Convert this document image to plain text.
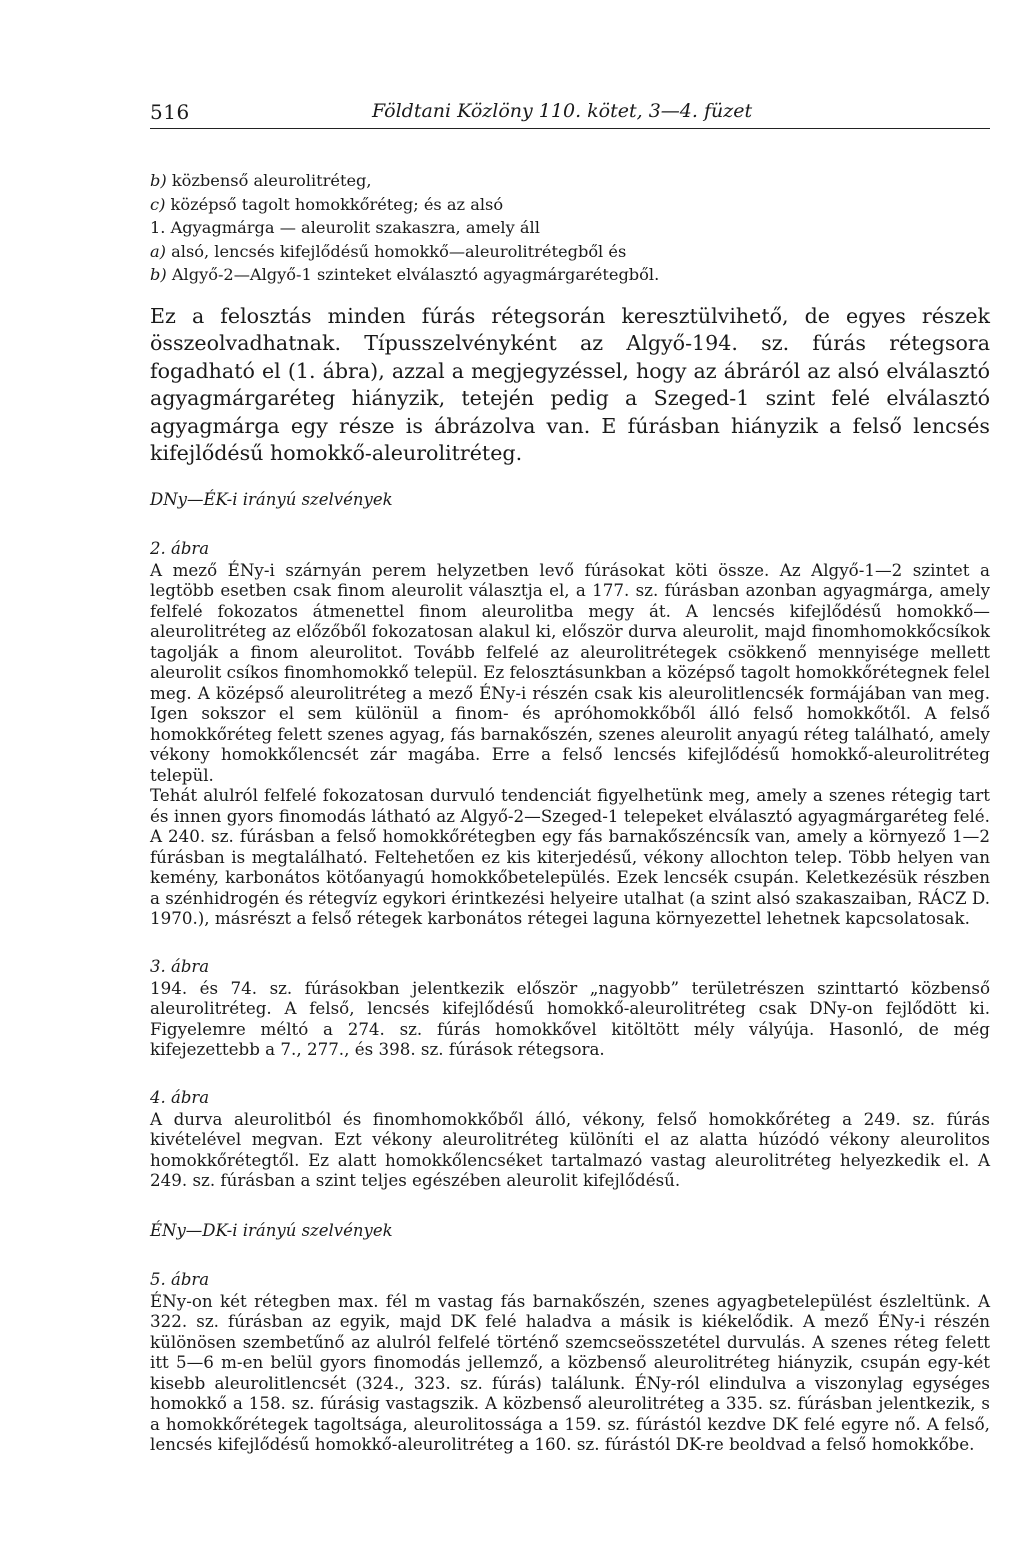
516	Földtani Közlöny 110. kötet, 3—4. füzet
b) közbenső aleurolitréteg,
c) középső tagolt homokkőréteg; és az alsó
1. Agyagmárga — aleurolit szakaszra, amely áll
a) alsó, lencsés kifejlődésű homokkő—aleurolitrétegből és
b) Algyő-2—Algyő-1 szinteket elválasztó agyagmárgarétegből.

Ez a felosztás minden fúrás rétegsorán keresztülvihető, de egyes részek összeolvadhatnak. Típusszelvényként az Algyő-194. sz. fúrás rétegsora fogadható el (1. ábra), azzal a megjegyzéssel, hogy az ábráról az alsó elválasztó agyagmárgaréteg hiányzik, tetején pedig a Szeged-1 szint felé elválasztó agyagmárga egy része is ábrázolva van. E fúrásban hiányzik a felső lencsés kifejlődésű homokkő-aleurolitréteg.

DNy—ÉK-i irányú szelvények
2. ábra

A mező ÉNy-i szárnyán perem helyzetben levő fúrásokat köti össze. Az Algyő-1—2 szintet a legtöbb esetben csak finom aleurolit választja el, a 177. sz. fúrásban azonban agyagmárga, amely felfelé fokozatos átmenettel finom aleurolitba megy át. A lencsés kifejlődésű homokkő—aleurolitréteg az előzőből fokozatosan alakul ki, először durva aleurolit, majd finomhomokkőcsíkok tagolják a finom aleurolitot. Tovább felfelé az aleurolitrétegek csökkenő mennyisége mellett aleurolit csíkos finomhomokkő települ. Ez felosztásunkban a középső tagolt homokkőrétegnek felel meg. A középső aleurolitréteg a mező ÉNy-i részén csak kis aleurolitlencsék formájában van meg. Igen sokszor el sem különül a finom- és apróhomokkőből álló felső homokkőtől. A felső homokkőréteg felett szenes agyag, fás barnakőszén, szenes aleurolit anyagú réteg található, amely vékony homokkőlencsét zár magába. Erre a felső lencsés kifejlődésű homokkő-aleurolitréteg települ.

Tehát alulról felfelé fokozatosan durvuló tendenciát figyelhetünk meg, amely a szenes rétegig tart és innen gyors finomodás látható az Algyő-2—Szeged-1 telepeket elválasztó agyagmárgaréteg felé. A 240. sz. fúrásban a felső homokkőrétegben egy fás barnakőszéncsík van, amely a környező 1—2 fúrásban is megtalálható. Feltehetően ez kis kiterjedésű, vékony allochton telep. Több helyen van kemény, karbonátos kötőanyagú homokkőbetelepülés. Ezek lencsék csupán. Keletkezésük részben a szénhidrogén és rétegvíz egykori érintkezési helyeire utalhat (a szint alsó szakaszaiban, RÁCZ D. 1970.), másrészt a felső rétegek karbonátos rétegei laguna környezettel lehetnek kapcsolatosak.

3. ábra

194. és 74. sz. fúrásokban jelentkezik először „nagyobb” területrészen szinttartó közbenső aleurolitréteg. A felső, lencsés kifejlődésű homokkő-aleurolitréteg csak DNy-on fejlődött ki. Figyelemre méltó a 274. sz. fúrás homokkővel kitöltött mély vályúja. Hasonló, de még kifejezettebb a 7., 277., és 398. sz. fúrások rétegsora.

4. ábra

A durva aleurolitból és finomhomokkőből álló, vékony, felső homokkőréteg a 249. sz. fúrás kivételével megvan. Ezt vékony aleurolitréteg különíti el az alatta húzódó vékony aleurolitos homokkőrétegtől. Ez alatt homokkőlencséket tartalmazó vastag aleurolitréteg helyezkedik el. A 249. sz. fúrásban a szint teljes egészében aleurolit kifejlődésű.

ÉNy—DK-i irányú szelvények
5. ábra

ÉNy-on két rétegben max. fél m vastag fás barnakőszén, szenes agyagbetelepülést észleltünk. A 322. sz. fúrásban az egyik, majd DK felé haladva a másik is kiékelődik. A mező ÉNy-i részén különösen szembetűnő az alulról felfelé történő szemcseösszetétel durvulás. A szenes réteg felett itt 5—6 m-en belül gyors finomodás jellemző, a közbenső aleurolitréteg hiányzik, csupán egy-két kisebb aleurolitlencsét (324., 323. sz. fúrás) találunk. ÉNy-ról elindulva a viszonylag egységes homokkő a 158. sz. fúrásig vastagszik. A közbenső aleurolitréteg a 335. sz. fúrásban jelentkezik, s a homokkőrétegek tagoltsága, aleurolitossága a 159. sz. fúrástól kezdve DK felé egyre nő. A felső, lencsés kifejlődésű homokkő-aleurolitréteg a 160. sz. fúrástól DK-re beoldvad a felső homokkőbe.
